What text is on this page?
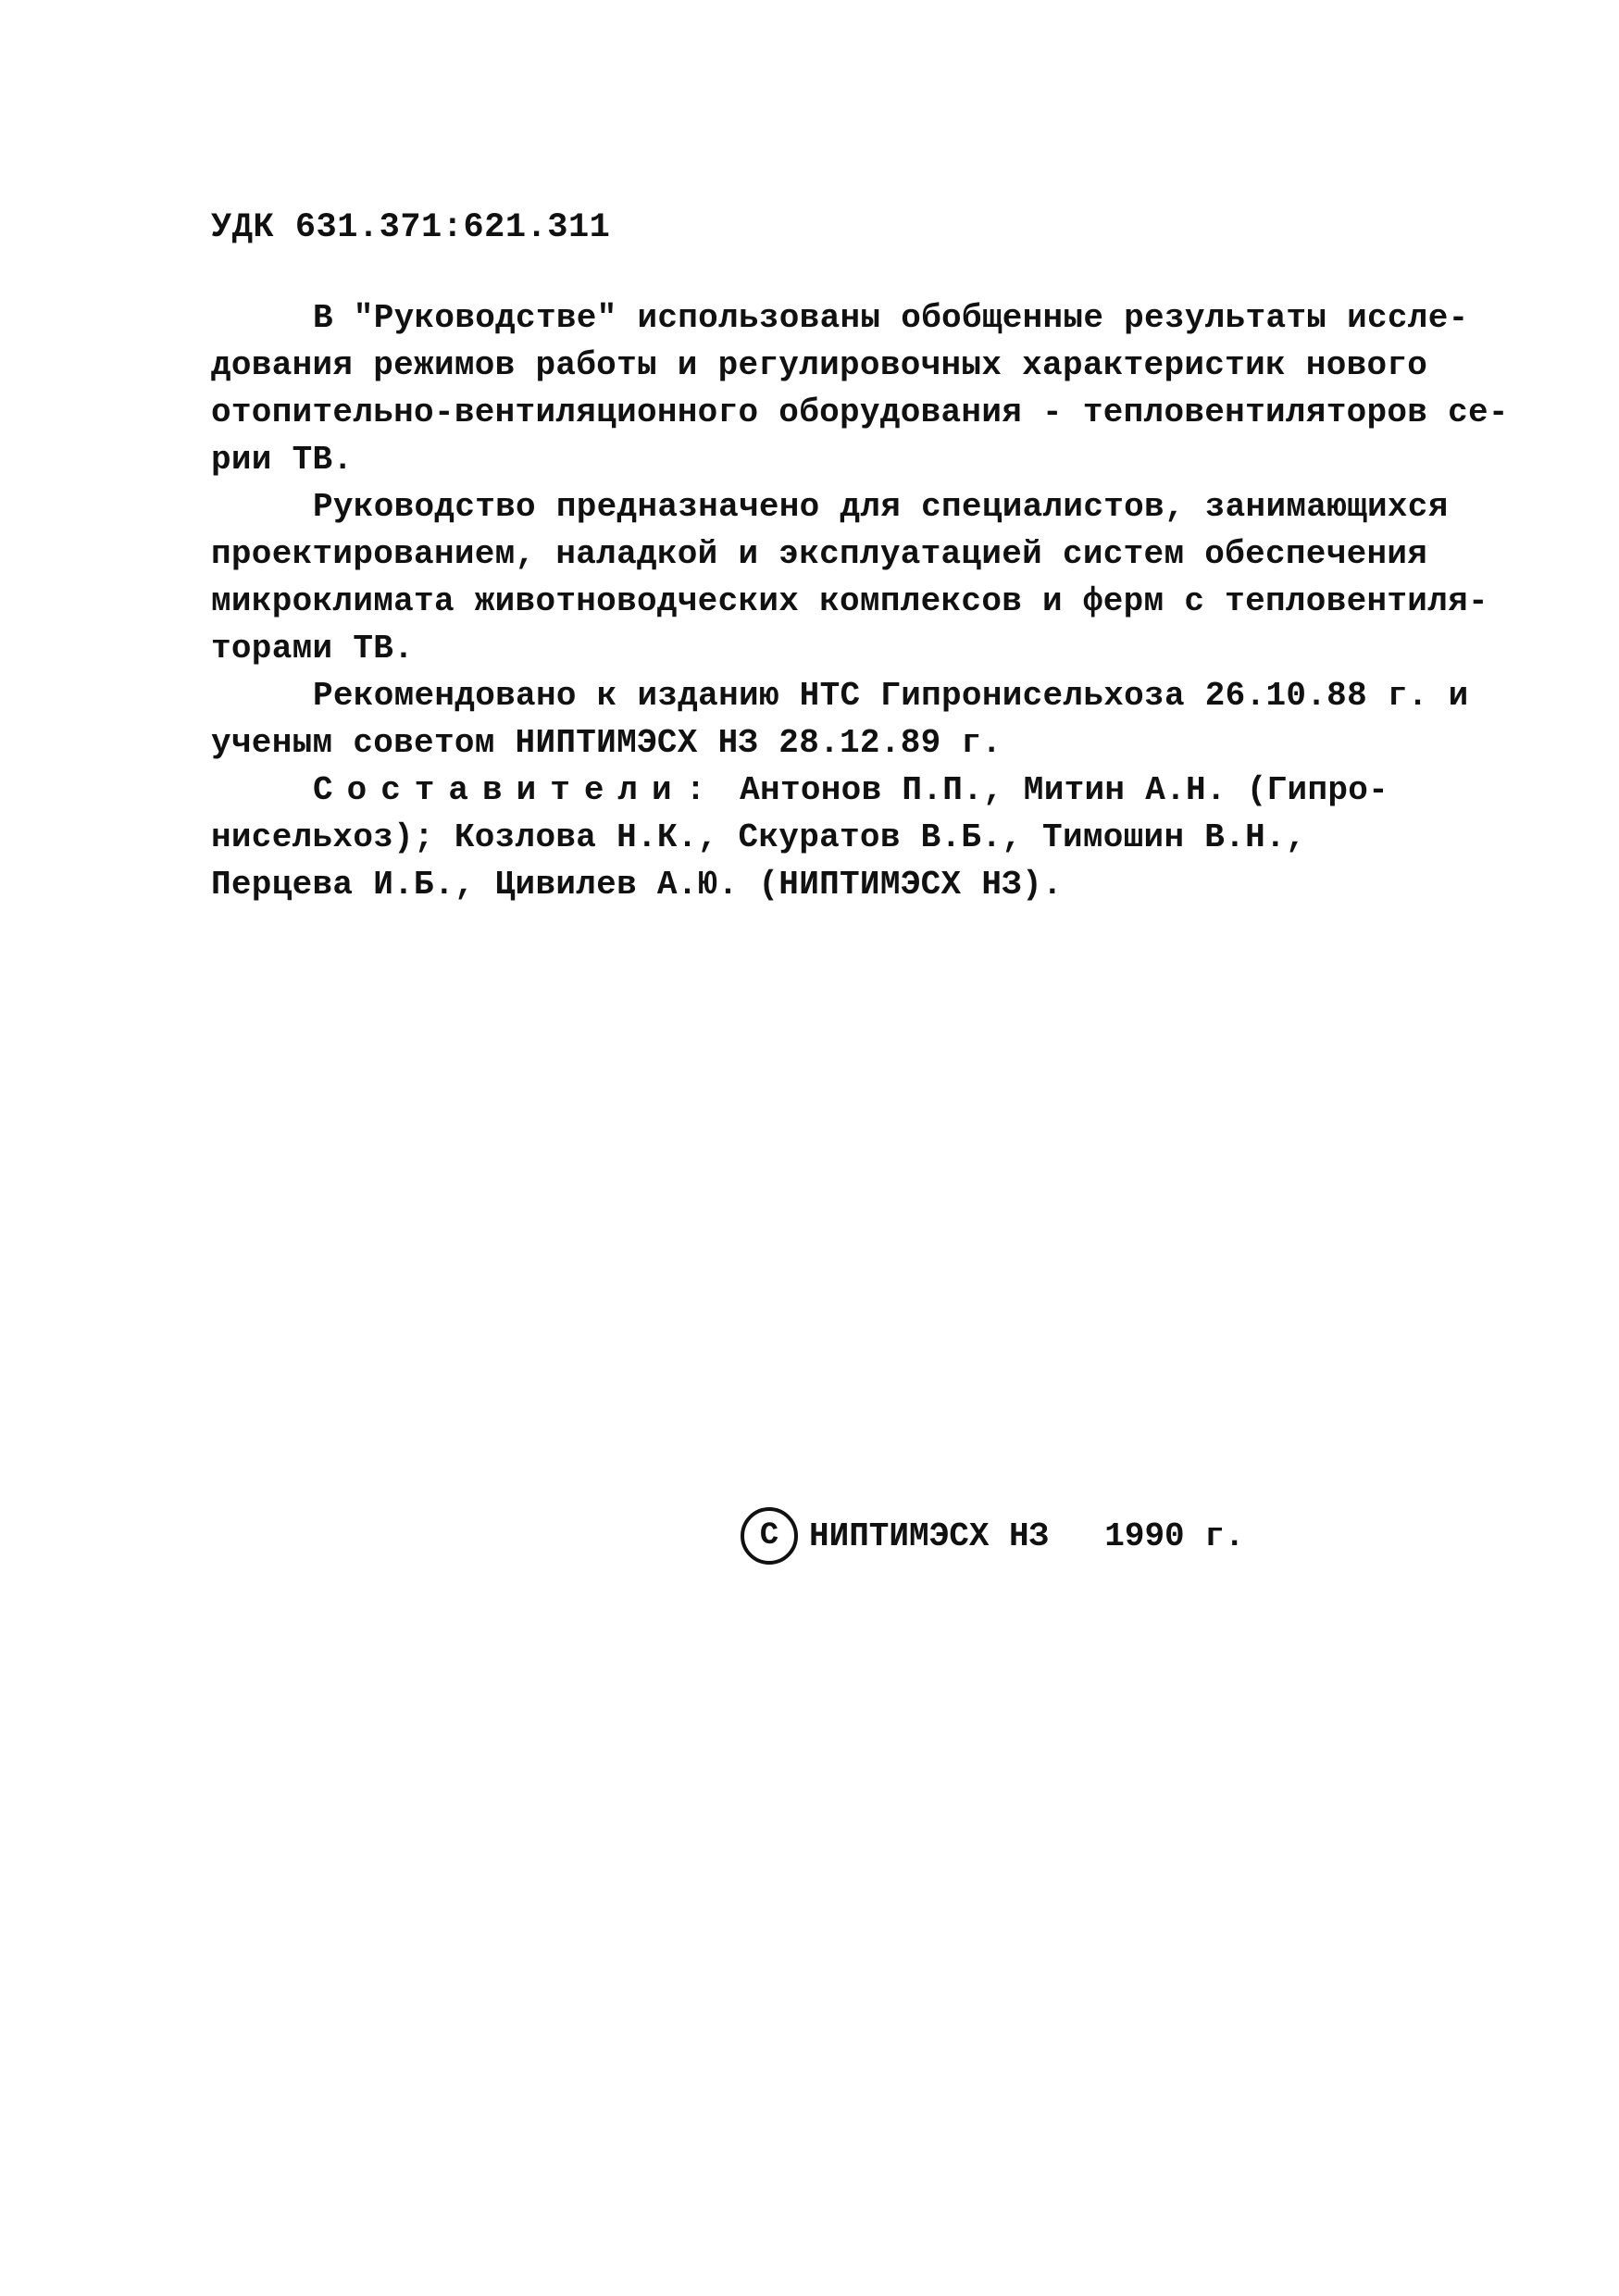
УДК 631.371:621.311
В "Руководстве" использованы обобщенные результаты иссле-
дования режимов работы и регулировочных характеристик нового
отопительно-вентиляционного оборудования - тепловентиляторов се-
рии ТВ.
Руководство предназначено для специалистов, занимающихся
проектированием, наладкой и эксплуатацией систем обеспечения
микроклимата животноводческих комплексов и ферм с тепловентиля-
торами ТВ.
Рекомендовано к изданию НТС Гипронисельхоза 26.10.88 г. и
ученым советом НИПТИМЭСХ НЗ 28.12.89 г.
Составители: Антонов П.П., Митин А.Н. (Гипро-
нисельхоз); Козлова Н.К., Скуратов В.Б., Тимошин В.Н.,
Перцева И.Б., Цивилев А.Ю. (НИПТИМЭСХ НЗ).
C НИПТИМЭСХ НЗ 1990 г.
